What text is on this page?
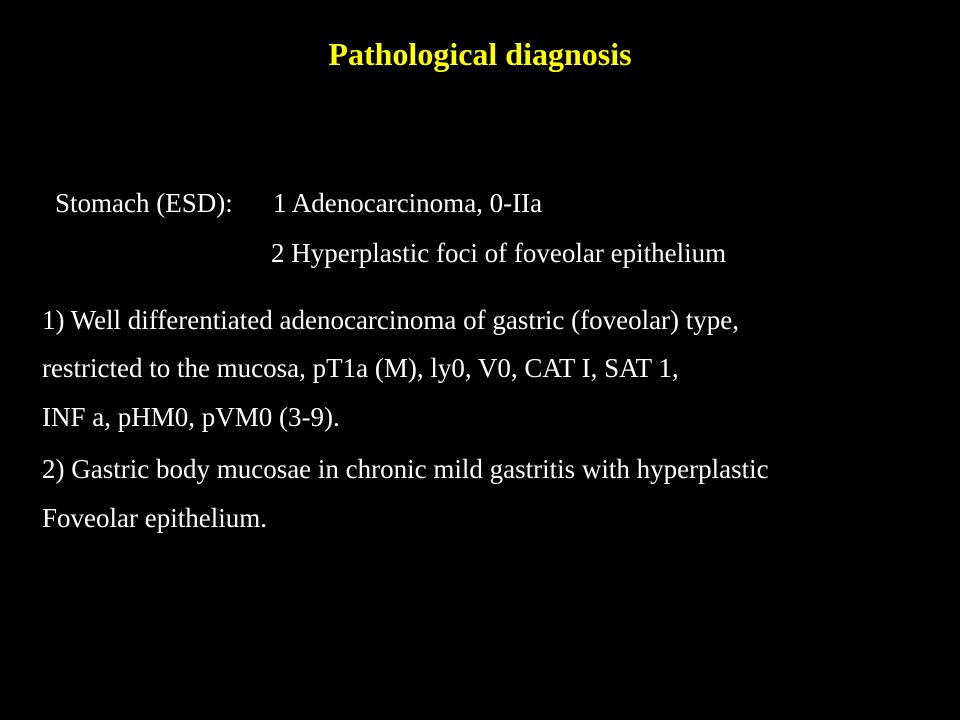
Pathological diagnosis
Stomach (ESD): 1 Adenocarcinoma, 0-IIa
2 Hyperplastic foci of foveolar epithelium
1) Well differentiated adenocarcinoma of gastric (foveolar) type,
restricted to the mucosa, pT1a (M), ly0, V0, CAT I, SAT 1,
INF a, pHM0, pVM0 (3-9).
2) Gastric body mucosae in chronic mild gastritis with hyperplastic
Foveolar epithelium.
